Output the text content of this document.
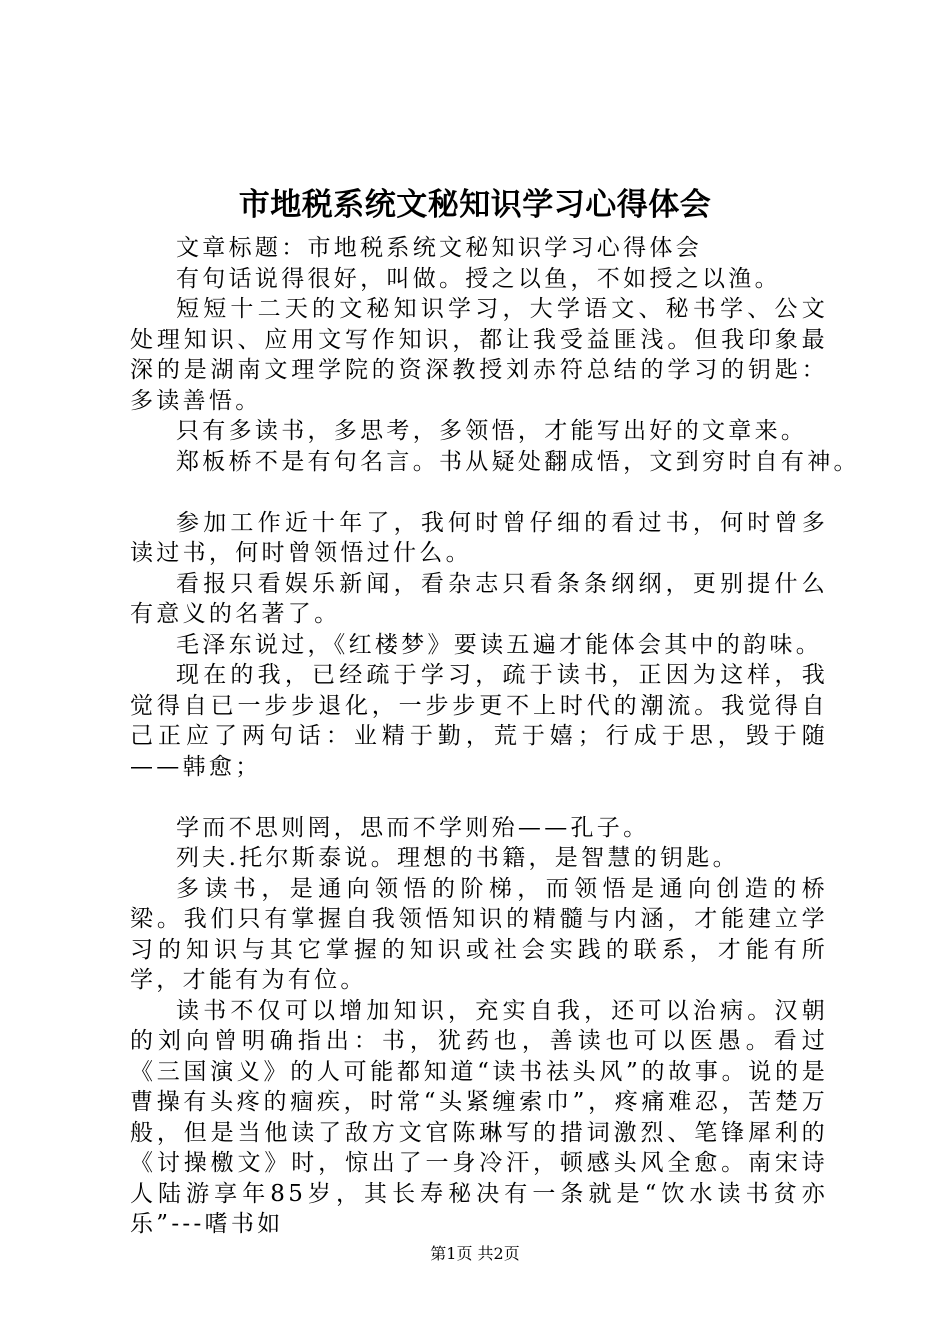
市地税系统文秘知识学习心得体会

文章标题：市地税系统文秘知识学习心得体会

有句话说得很好，叫做。授之以鱼，不如授之以渔。

短短十二天的文秘知识学习，大学语文、秘书学、公文处理知识、应用文写作知识，都让我受益匪浅。但我印象最深的是湖南文理学院的资深教授刘赤符总结的学习的钥匙：多读善悟。

只有多读书，多思考，多领悟，才能写出好的文章来。

郑板桥不是有句名言。书从疑处翻成悟，文到穷时自有神。

参加工作近十年了，我何时曾仔细的看过书，何时曾多读过书，何时曾领悟过什么。

看报只看娱乐新闻，看杂志只看条条纲纲，更别提什么有意义的名著了。

毛泽东说过，《红楼梦》要读五遍才能体会其中的韵味。

现在的我，已经疏于学习，疏于读书，正因为这样，我觉得自已一步步退化，一步步更不上时代的潮流。我觉得自己正应了两句话：业精于勤，荒于嬉；行成于思，毁于随——韩愈；

学而不思则罔，思而不学则殆——孔子。

列夫.托尔斯泰说。理想的书籍，是智慧的钥匙。

多读书，是通向领悟的阶梯，而领悟是通向创造的桥梁。我们只有掌握自我领悟知识的精髓与内涵，才能建立学习的知识与其它掌握的知识或社会实践的联系，才能有所学，才能有为有位。

读书不仅可以增加知识，充实自我，还可以治病。汉朝的刘向曾明确指出：书，犹药也，善读也可以医愚。看过《三国演义》的人可能都知道“读书祛头风”的故事。说的是曹操有头疼的痼疾，时常“头紧缠索巾”，疼痛难忍，苦楚万般，但是当他读了敌方文官陈琳写的措词激烈、笔锋犀利的《讨操檄文》时，惊出了一身冷汗，顿感头风全愈。南宋诗人陆游享年85岁，其长寿秘决有一条就是“饮水读书贫亦乐”---嗜书如

第1页 共2页
